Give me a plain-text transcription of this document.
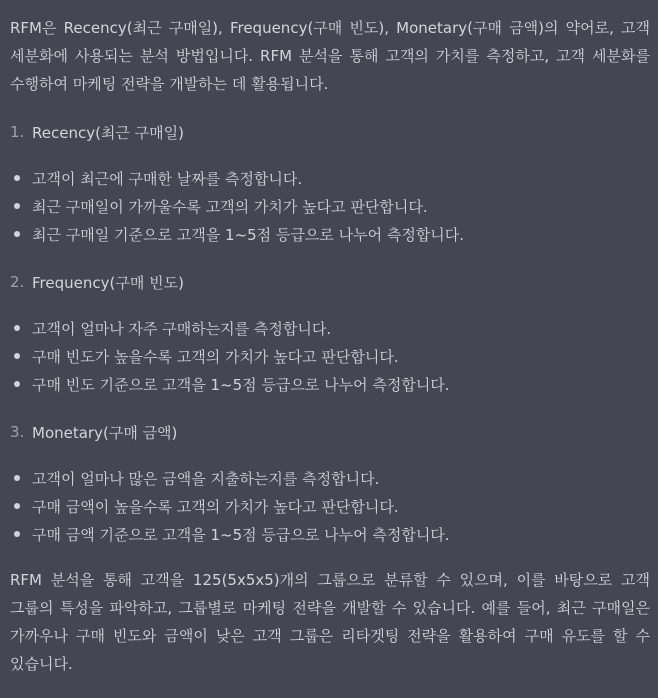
RFM은 Recency(최근 구매일), Frequency(구매 빈도), Monetary(구매 금액)의 약어로, 고객 세분화에 사용되는 분석 방법입니다. RFM 분석을 통해 고객의 가치를 측정하고, 고객 세분화를 수행하여 마케팅 전략을 개발하는 데 활용됩니다.

1. Recency(최근 구매일)
고객이 최근에 구매한 날짜를 측정합니다.
최근 구매일이 가까울수록 고객의 가치가 높다고 판단합니다.
최근 구매일 기준으로 고객을 1~5점 등급으로 나누어 측정합니다.
2. Frequency(구매 빈도)
고객이 얼마나 자주 구매하는지를 측정합니다.
구매 빈도가 높을수록 고객의 가치가 높다고 판단합니다.
구매 빈도 기준으로 고객을 1~5점 등급으로 나누어 측정합니다.
3. Monetary(구매 금액)
고객이 얼마나 많은 금액을 지출하는지를 측정합니다.
구매 금액이 높을수록 고객의 가치가 높다고 판단합니다.
구매 금액 기준으로 고객을 1~5점 등급으로 나누어 측정합니다.

RFM 분석을 통해 고객을 125(5x5x5)개의 그룹으로 분류할 수 있으며, 이를 바탕으로 고객 그룹의 특성을 파악하고, 그룹별로 마케팅 전략을 개발할 수 있습니다. 예를 들어, 최근 구매일은 가까우나 구매 빈도와 금액이 낮은 고객 그룹은 리타겟팅 전략을 활용하여 구매 유도를 할 수 있습니다.
